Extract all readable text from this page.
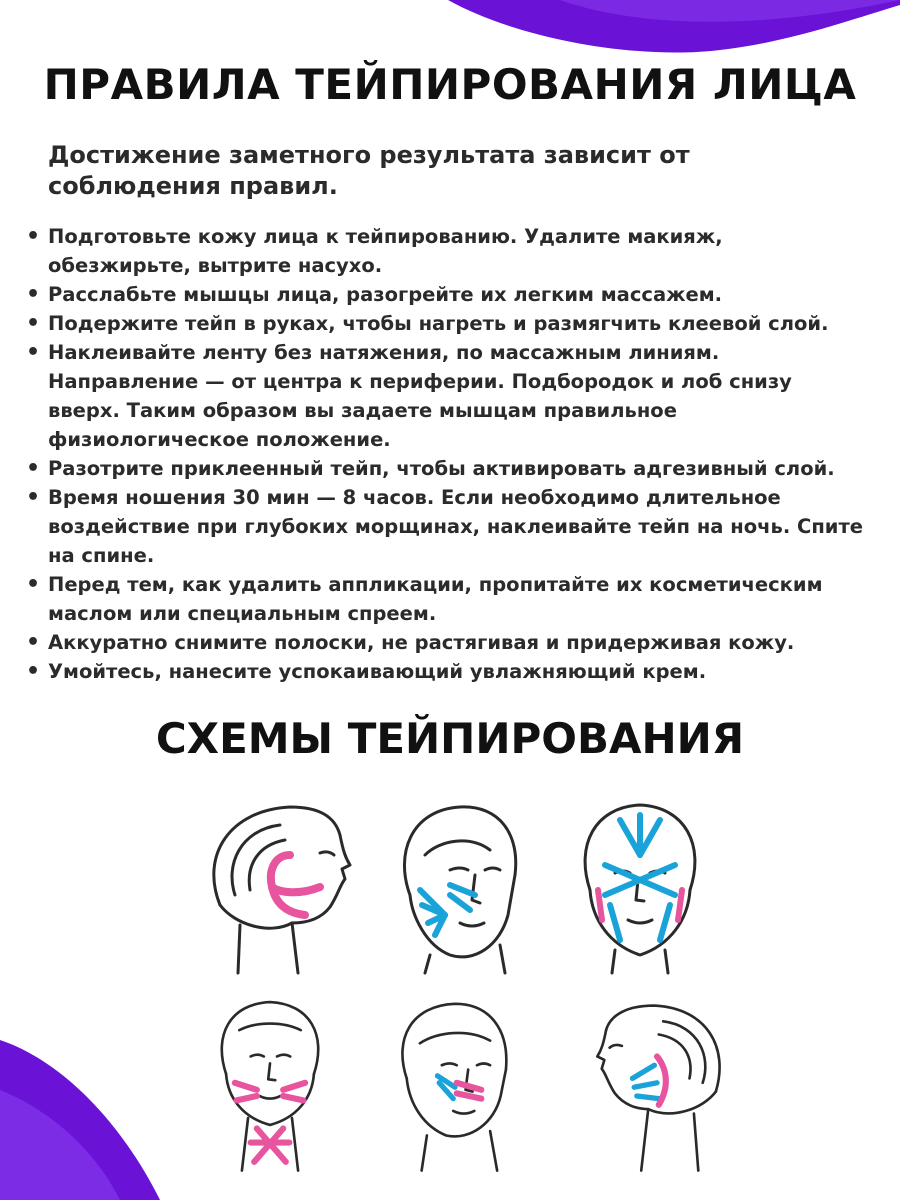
ПРАВИЛА ТЕЙПИРОВАНИЯ ЛИЦА

Достижение заметного результата зависит от соблюдения правил.

• Подготовьте кожу лица к тейпированию. Удалите макияж, обезжирьте, вытрите насухо.
• Расслабьте мышцы лица, разогрейте их легким массажем.
• Подержите тейп в руках, чтобы нагреть и размягчить клеевой слой.
• Наклеивайте ленту без натяжения, по массажным линиям. Направление — от центра к периферии. Подбородок и лоб снизу вверх. Таким образом вы задаете мышцам правильное физиологическое положение.
• Разотрите приклеенный тейп, чтобы активировать адгезивный слой.
• Время ношения 30 мин — 8 часов. Если необходимо длительное воздействие при глубоких морщинах, наклеивайте тейп на ночь. Спите на спине.
• Перед тем, как удалить аппликации, пропитайте их косметическим маслом или специальным спреем.
• Аккуратно снимите полоски, не растягивая и придерживая кожу.
• Умойтесь, нанесите успокаивающий увлажняющий крем.
СХЕМЫ ТЕЙПИРОВАНИЯ
